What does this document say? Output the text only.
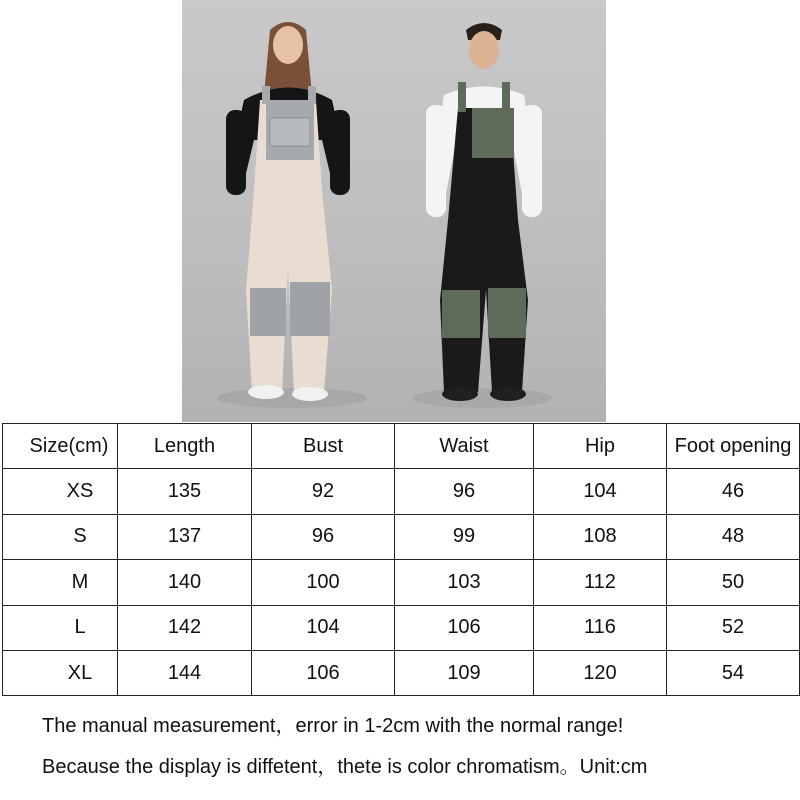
Size(cm)	Length	Bust	Waist	Hip	Foot opening
XS	135	92	96	104	46
S	137	96	99	108	48
M	140	100	103	112	50
L	142	104	106	116	52
XL	144	106	109	120	54
The manual measurement，error in 1-2cm with the normal range!
Because the display is diffetent，thete is color chromatism。Unit:cm
